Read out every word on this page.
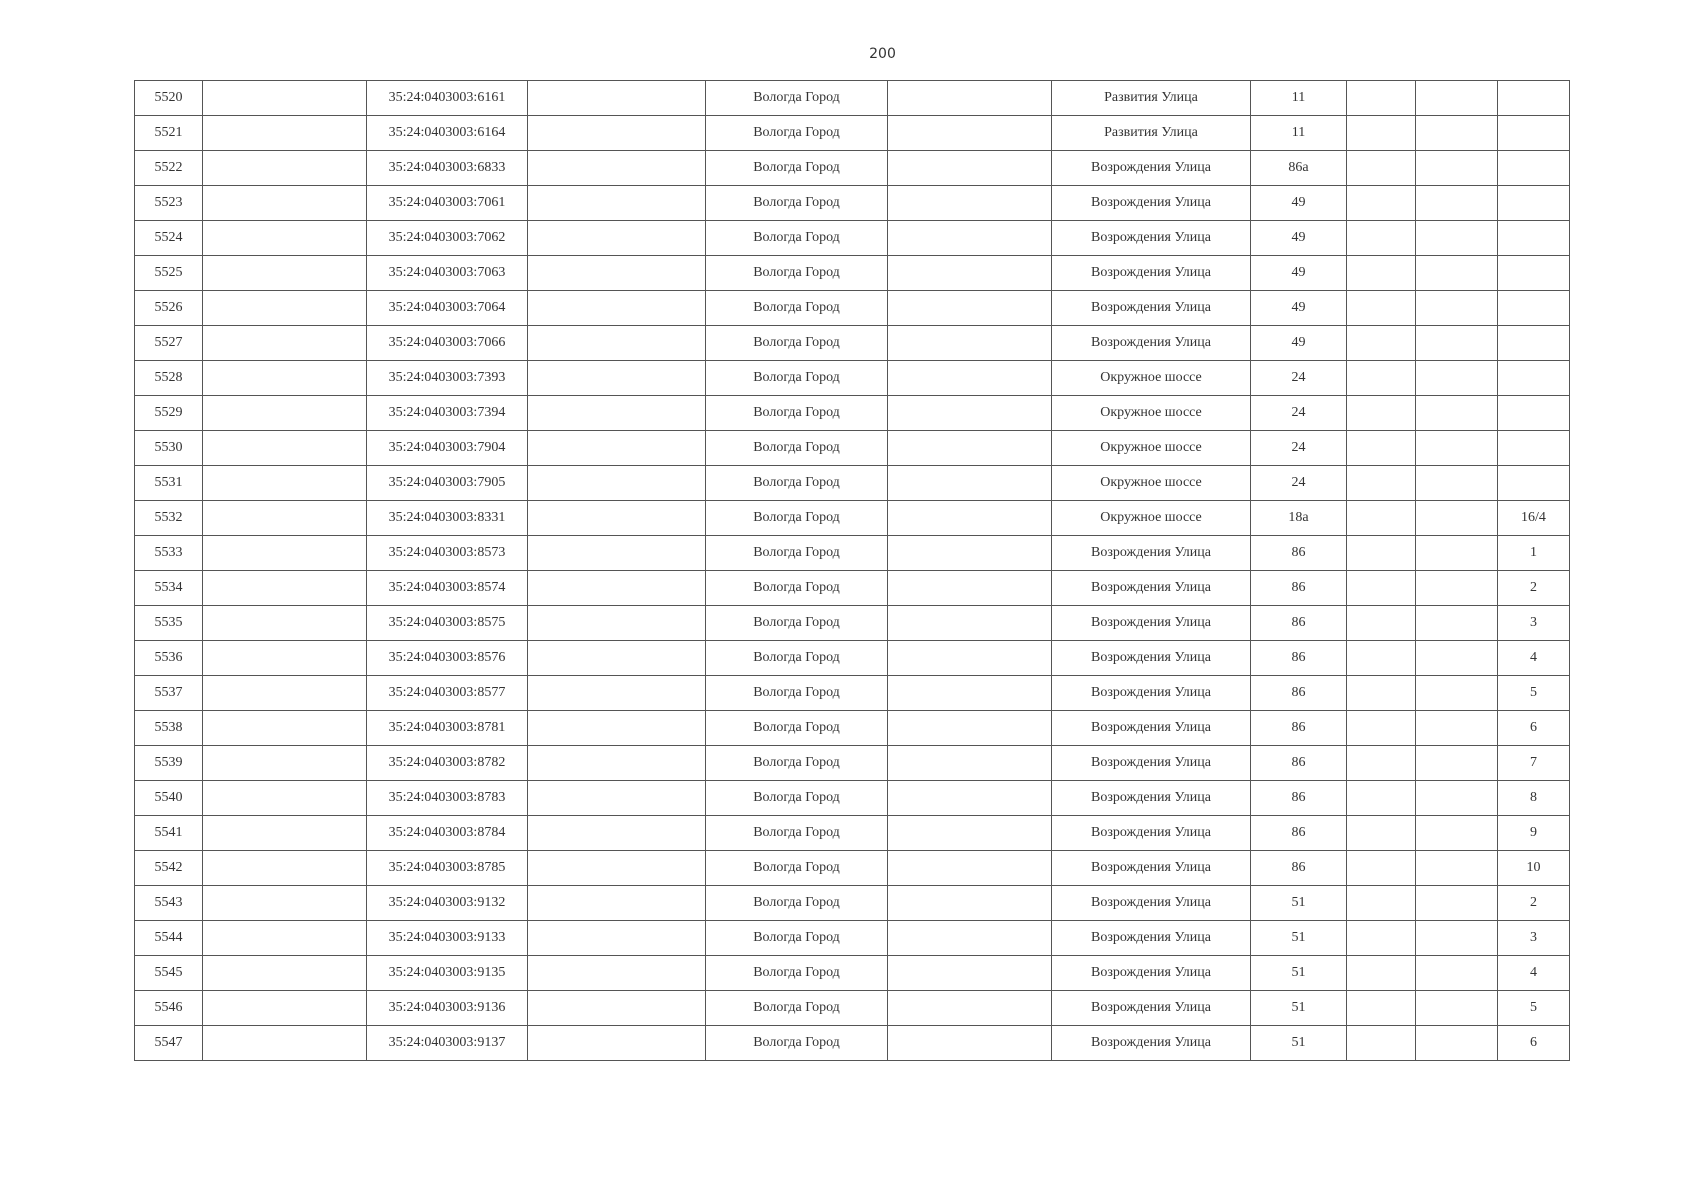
200
5520		35:24:0403003:6161		Вологда Город		Развития Улица	11			
5521		35:24:0403003:6164		Вологда Город		Развития Улица	11			
5522		35:24:0403003:6833		Вологда Город		Возрождения Улица	86а			
5523		35:24:0403003:7061		Вологда Город		Возрождения Улица	49			
5524		35:24:0403003:7062		Вологда Город		Возрождения Улица	49			
5525		35:24:0403003:7063		Вологда Город		Возрождения Улица	49			
5526		35:24:0403003:7064		Вологда Город		Возрождения Улица	49			
5527		35:24:0403003:7066		Вологда Город		Возрождения Улица	49			
5528		35:24:0403003:7393		Вологда Город		Окружное шоссе	24			
5529		35:24:0403003:7394		Вологда Город		Окружное шоссе	24			
5530		35:24:0403003:7904		Вологда Город		Окружное шоссе	24			
5531		35:24:0403003:7905		Вологда Город		Окружное шоссе	24			
5532		35:24:0403003:8331		Вологда Город		Окружное шоссе	18а			16/4
5533		35:24:0403003:8573		Вологда Город		Возрождения Улица	86			1
5534		35:24:0403003:8574		Вологда Город		Возрождения Улица	86			2
5535		35:24:0403003:8575		Вологда Город		Возрождения Улица	86			3
5536		35:24:0403003:8576		Вологда Город		Возрождения Улица	86			4
5537		35:24:0403003:8577		Вологда Город		Возрождения Улица	86			5
5538		35:24:0403003:8781		Вологда Город		Возрождения Улица	86			6
5539		35:24:0403003:8782		Вологда Город		Возрождения Улица	86			7
5540		35:24:0403003:8783		Вологда Город		Возрождения Улица	86			8
5541		35:24:0403003:8784		Вологда Город		Возрождения Улица	86			9
5542		35:24:0403003:8785		Вологда Город		Возрождения Улица	86			10
5543		35:24:0403003:9132		Вологда Город		Возрождения Улица	51			2
5544		35:24:0403003:9133		Вологда Город		Возрождения Улица	51			3
5545		35:24:0403003:9135		Вологда Город		Возрождения Улица	51			4
5546		35:24:0403003:9136		Вологда Город		Возрождения Улица	51			5
5547		35:24:0403003:9137		Вологда Город		Возрождения Улица	51			6
